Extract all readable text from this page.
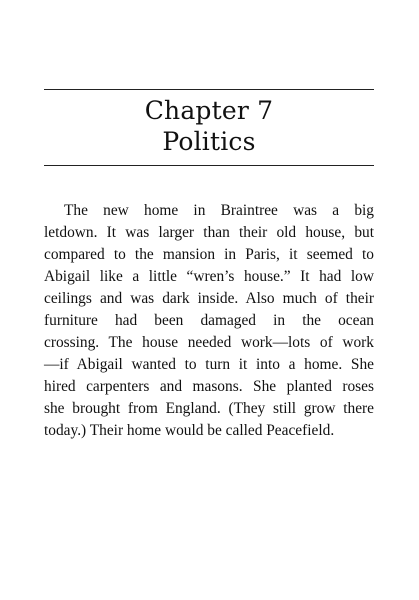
Chapter 7
Politics
The new home in Braintree was a big
letdown. It was larger than their old house, but
compared to the mansion in Paris, it seemed to
Abigail like a little “wren’s house.” It had low
ceilings and was dark inside. Also much of their
furniture had been damaged in the ocean
crossing. The house needed work—lots of work
—if Abigail wanted to turn it into a home. She
hired carpenters and masons. She planted roses
she brought from England. (They still grow there
today.) Their home would be called Peacefield.
